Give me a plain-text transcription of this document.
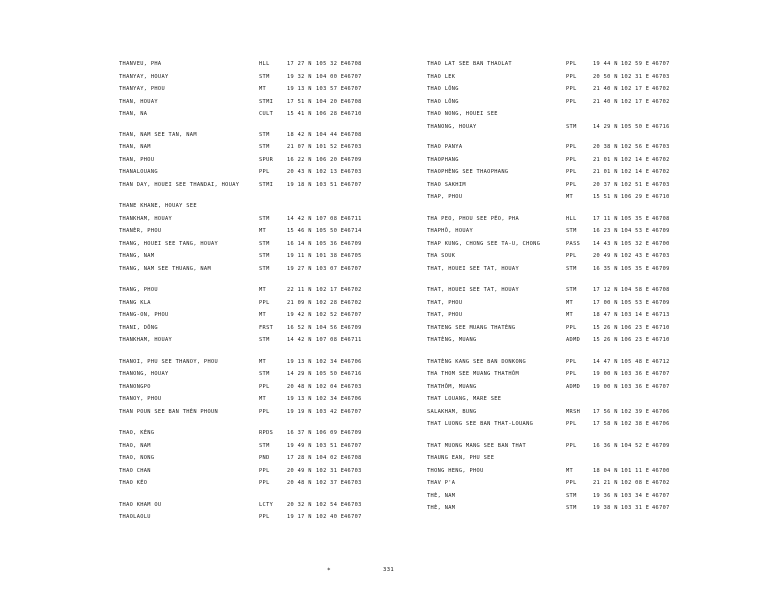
THANVEU, PHA	HLL	17 27 N 105 32 E 46708
THANYAY, HOUAY	STM	19 32 N 104 00 E 46707
THANYAY, PHOU	MT	19 13 N 103 57 E 46707
THAN, HOUAY	STMI	17 51 N 104 20 E 46708
THAN, NA	CULT	15 41 N 106 28 E 46710
THAN, NAM SEE TAN, NAM	STM	18 42 N 104 44 E 46708
THAN, NAM	STM	21 07 N 101 52 E 46703
THAN, PHOU	SPUR	16 22 N 106 20 E 46709
THANALOUANG	PPL	20 43 N 102 13 E 46703
THAN DAY, HOUEI SEE THANDAI, HOUAY	STMI	19 18 N 103 51 E 46707
THANE KHANE, HOUAY SEE
THANKHAM, HOUAY	STM	14 42 N 107 08 E 46711
THANÈR, PHOU	MT	15 46 N 105 50 E 46714
THANG, HOUEI SEE TANG, HOUAY	STM	16 14 N 105 36 E 46709
THANG, NAM	STM	19 11 N 101 38 E 46705
THANG, NAM SEE THUANG, NAM	STM	19 27 N 103 07 E 46707
THANG, PHOU	MT	22 11 N 102 17 E 46702
THANG KLA	PPL	21 09 N 102 28 E 46702
THANG-ON, PHOU	MT	19 42 N 102 52 E 46707
THANI, DÔNG	FRST	16 52 N 104 56 E 46709
THANKHAM, HOUAY	STM	14 42 N 107 08 E 46711
THANOI, PHU SEE THANOY, PHOU	MT	19 13 N 102 34 E 46706
THANONG, HOUAY	STM	14 29 N 105 50 E 46716
THANONGPO	PPL	20 48 N 102 04 E 46703
THANOY, PHOU	MT	19 13 N 102 34 E 46706
THAN POUN SEE BAN THÈN PHOUN	PPL	19 19 N 103 42 E 46707
THAO, KÈNG	RPDS	16 37 N 106 09 E 46709
THAO, NAM	STM	19 49 N 103 51 E 46707
THAO, NONG	PND	17 28 N 104 02 E 46708
THAO CHAN	PPL	20 49 N 102 31 E 46703
THAO KÉO	PPL	20 48 N 102 37 E 46703
THAO KHAM OU	LCTY	20 32 N 102 54 E 46703
THAOLAOLU	PPL	19 17 N 102 40 E 46707
THAO LAT SEE BAN THAOLAT	PPL	19 44 N 102 59 E 46707
THAO LEK	PPL	20 50 N 102 31 E 46703
THAO LÔNG	PPL	21 40 N 102 17 E 46702
THAO LÔNG	PPL	21 40 N 102 17 E 46702
THAO NONG, HOUEI SEE
THANONG, HOUAY	STM	14 29 N 105 50 E 46716
THAO PANYA	PPL	20 38 N 102 56 E 46703
THAOPHANG	PPL	21 01 N 102 14 E 46702
THAOPHÈNG SEE THAOPHANG	PPL	21 01 N 102 14 E 46702
THAO SAKHIM	PPL	20 37 N 102 51 E 46703
THAP, PHOU	MT	15 51 N 106 29 E 46710
THA PEO, PHOU SEE PÉO, PHA	HLL	17 11 N 105 35 E 46708
THAPHÔ, HOUAY	STM	16 23 N 104 53 E 46709
THAP KUNG, CHONG SEE TA-U, CHONG	PASS 14 43 N 105 32 E 46700
THA SOUK	PPL	20 49 N 102 43 E 46703
THAT, HOUEI SEE TAT, HOUAY	STM	16 35 N 105 35 E 46709
THAT, HOUEI SEE TAT, HOUAY	STM	17 12 N 104 58 E 46708
THAT, PHOU	MT	17 00 N 105 53 E 46709
THAT, PHOU	MT	18 47 N 103 14 E 46713
THATENG SEE MUANG THATÈNG	PPL	15 26 N 106 23 E 46710
THATÈNG, MUANG	ADMD 15 26 N 106 23 E 46710
THATÈNG KANG SEE BAN DONKONG	PPL	14 47 N 105 48 E 46712
THA THOM SEE MUANG THATHÔM	PPL	19 00 N 103 36 E 46707
THATHÔM, MUANG	ADMD 19 00 N 103 36 E 46707
THAT LOUANG, MARE SEE
SALAKHAM, BUNG	MRSH 17 56 N 102 39 E 46706
THAT LUONG SEE BAN THAT-LOUANG	PPL	17 58 N 102 38 E 46706
THAT MUONG MANG SEE BAN THAT	PPL	16 36 N 104 52 E 46709
THAUNG EAN, PHU SEE
THONG HENG, PHOU	MT	18 04 N 101 11 E 46700
THAV P'A	PPL	21 21 N 102 08 E 46702
THÈ, NAM	STM	19 36 N 103 34 E 46707
THÈ, NAM	STM	19 38 N 103 31 E 46707
*	331
